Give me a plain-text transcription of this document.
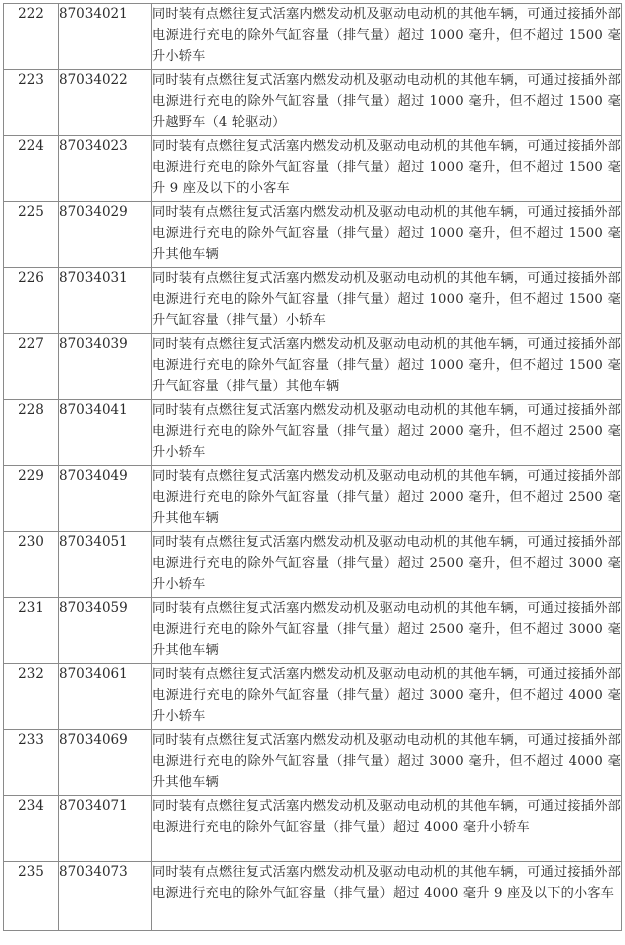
222	87034021	同时装有点燃往复式活塞内燃发动机及驱动电动机的其他车辆，可通过接插外部电源进行充电的除外气缸容量（排气量）超过 1000 毫升，但不超过 1500 毫升小轿车
223	87034022	同时装有点燃往复式活塞内燃发动机及驱动电动机的其他车辆，可通过接插外部电源进行充电的除外气缸容量（排气量）超过 1000 毫升，但不超过 1500 毫升越野车（4 轮驱动）
224	87034023	同时装有点燃往复式活塞内燃发动机及驱动电动机的其他车辆，可通过接插外部电源进行充电的除外气缸容量（排气量）超过 1000 毫升，但不超过 1500 毫升 9 座及以下的小客车
225	87034029	同时装有点燃往复式活塞内燃发动机及驱动电动机的其他车辆，可通过接插外部电源进行充电的除外气缸容量（排气量）超过 1000 毫升，但不超过 1500 毫升其他车辆
226	87034031	同时装有点燃往复式活塞内燃发动机及驱动电动机的其他车辆，可通过接插外部电源进行充电的除外气缸容量（排气量）超过 1000 毫升，但不超过 1500 毫升气缸容量（排气量）小轿车
227	87034039	同时装有点燃往复式活塞内燃发动机及驱动电动机的其他车辆，可通过接插外部电源进行充电的除外气缸容量（排气量）超过 1000 毫升，但不超过 1500 毫升气缸容量（排气量）其他车辆
228	87034041	同时装有点燃往复式活塞内燃发动机及驱动电动机的其他车辆，可通过接插外部电源进行充电的除外气缸容量（排气量）超过 2000 毫升，但不超过 2500 毫升小轿车
229	87034049	同时装有点燃往复式活塞内燃发动机及驱动电动机的其他车辆，可通过接插外部电源进行充电的除外气缸容量（排气量）超过 2000 毫升，但不超过 2500 毫升其他车辆
230	87034051	同时装有点燃往复式活塞内燃发动机及驱动电动机的其他车辆，可通过接插外部电源进行充电的除外气缸容量（排气量）超过 2500 毫升，但不超过 3000 毫升小轿车
231	87034059	同时装有点燃往复式活塞内燃发动机及驱动电动机的其他车辆，可通过接插外部电源进行充电的除外气缸容量（排气量）超过 2500 毫升，但不超过 3000 毫升其他车辆
232	87034061	同时装有点燃往复式活塞内燃发动机及驱动电动机的其他车辆，可通过接插外部电源进行充电的除外气缸容量（排气量）超过 3000 毫升，但不超过 4000 毫升小轿车
233	87034069	同时装有点燃往复式活塞内燃发动机及驱动电动机的其他车辆，可通过接插外部电源进行充电的除外气缸容量（排气量）超过 3000 毫升，但不超过 4000 毫升其他车辆
234	87034071	同时装有点燃往复式活塞内燃发动机及驱动电动机的其他车辆，可通过接插外部电源进行充电的除外气缸容量（排气量）超过 4000 毫升小轿车
235	87034073	同时装有点燃往复式活塞内燃发动机及驱动电动机的其他车辆，可通过接插外部电源进行充电的除外气缸容量（排气量）超过 4000 毫升 9 座及以下的小客车
